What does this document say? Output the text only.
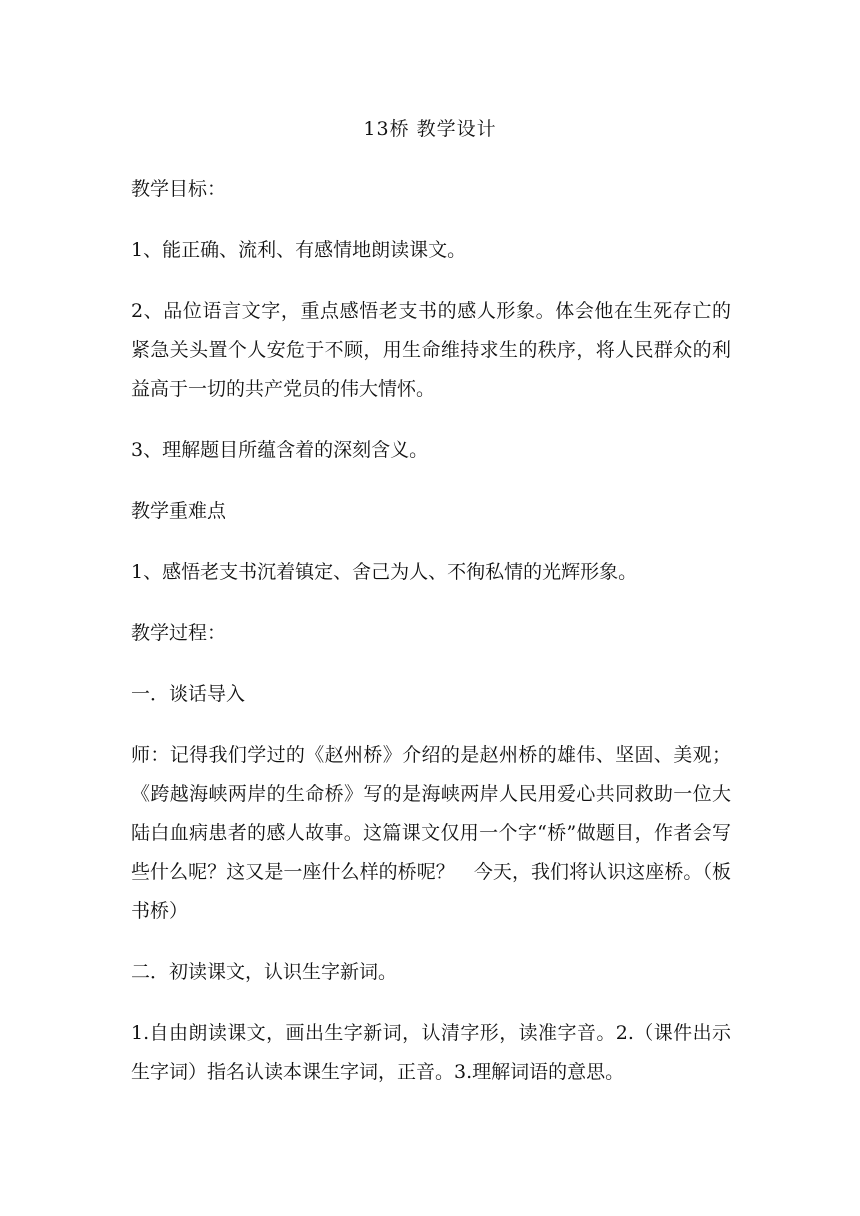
13桥 教学设计

教学目标：

1、能正确、流利、有感情地朗读课文。

2、品位语言文字，重点感悟老支书的感人形象。体会他在生死存亡的紧急关头置个人安危于不顾，用生命维持求生的秩序，将人民群众的利益高于一切的共产党员的伟大情怀。

3、理解题目所蕴含着的深刻含义。

教学重难点

1、感悟老支书沉着镇定、舍己为人、不徇私情的光辉形象。

教学过程：

一．谈话导入

师：记得我们学过的《赵州桥》介绍的是赵州桥的雄伟、坚固、美观；《跨越海峡两岸的生命桥》写的是海峡两岸人民用爱心共同救助一位大陆白血病患者的感人故事。这篇课文仅用一个字“桥”做题目，作者会写些什么呢？这又是一座什么样的桥呢？　今天，我们将认识这座桥。（板书桥）

二．初读课文，认识生字新词。

1.自由朗读课文，画出生字新词，认清字形，读准字音。2.（课件出示生字词）指名认读本课生字词，正音。3.理解词语的意思。
